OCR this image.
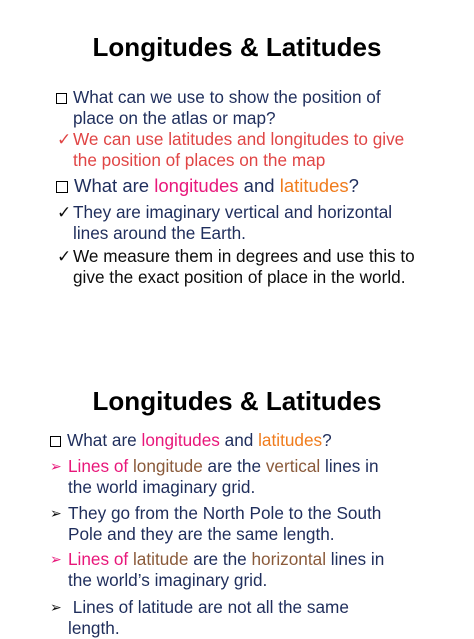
Longitudes & Latitudes
What can we use to show the position of
place on the atlas or map?
✓ We can use latitudes and longitudes to give
the position of places on the map
What are longitudes and latitudes?
✓ They are imaginary vertical and horizontal
lines around the Earth.
✓ We measure them in degrees and use this to
give the exact position of place in the world.
Longitudes & Latitudes
What are longitudes and latitudes?
➢ Lines of longitude are the vertical lines in
the world imaginary grid.
➢ They go from the North Pole to the South
Pole and they are the same length.
➢ Lines of latitude are the horizontal lines in
the world’s imaginary grid.
➢ Lines of latitude are not all the same
length.
